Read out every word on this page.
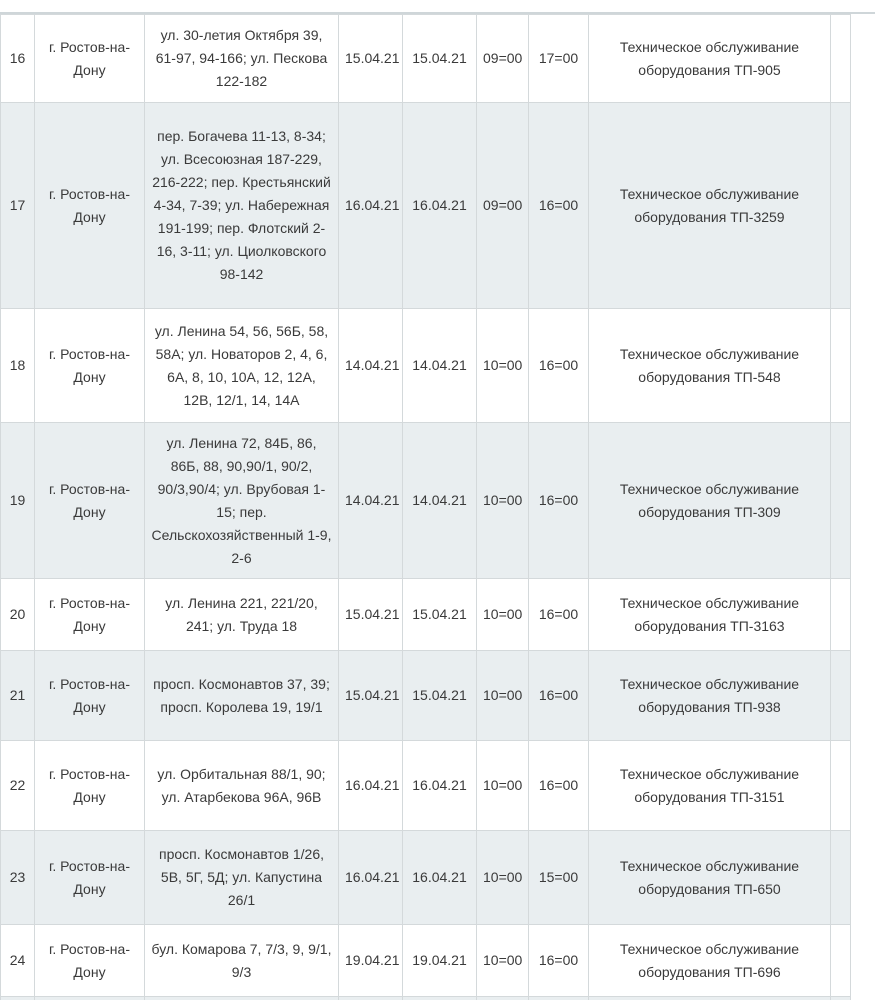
16	г. Ростов-на-Дону	ул. 30-летия Октября 39, 61-97, 94-166; ул. Пескова 122-182	15.04.21	15.04.21	09=00	17=00	Техническое обслуживание оборудования ТП-905	
17	г. Ростов-на-Дону	пер. Богачева 11-13, 8-34; ул. Всесоюзная 187-229, 216-222; пер. Крестьянский 4-34, 7-39; ул. Набережная 191-199; пер. Флотский 2-16, 3-11; ул. Циолковского 98-142	16.04.21	16.04.21	09=00	16=00	Техническое обслуживание оборудования ТП-3259	
18	г. Ростов-на-Дону	ул. Ленина 54, 56, 56Б, 58, 58А; ул. Новаторов 2, 4, 6, 6А, 8, 10, 10А, 12, 12А, 12В, 12/1, 14, 14А	14.04.21	14.04.21	10=00	16=00	Техническое обслуживание оборудования ТП-548	
19	г. Ростов-на-Дону	ул. Ленина 72, 84Б, 86, 86Б, 88, 90,90/1, 90/2, 90/3,90/4; ул. Врубовая 1-15; пер. Сельскохозяйственный 1-9, 2-6	14.04.21	14.04.21	10=00	16=00	Техническое обслуживание оборудования ТП-309	
20	г. Ростов-на-Дону	ул. Ленина 221, 221/20, 241; ул. Труда 18	15.04.21	15.04.21	10=00	16=00	Техническое обслуживание оборудования ТП-3163	
21	г. Ростов-на-Дону	просп. Космонавтов 37, 39; просп. Королева 19, 19/1	15.04.21	15.04.21	10=00	16=00	Техническое обслуживание оборудования ТП-938	
22	г. Ростов-на-Дону	ул. Орбитальная 88/1, 90; ул. Атарбекова 96А, 96В	16.04.21	16.04.21	10=00	16=00	Техническое обслуживание оборудования ТП-3151	
23	г. Ростов-на-Дону	просп. Космонавтов 1/26, 5В, 5Г, 5Д; ул. Капустина 26/1	16.04.21	16.04.21	10=00	15=00	Техническое обслуживание оборудования ТП-650	
24	г. Ростов-на-Дону	бул. Комарова 7, 7/3, 9, 9/1, 9/3	19.04.21	19.04.21	10=00	16=00	Техническое обслуживание оборудования ТП-696	
